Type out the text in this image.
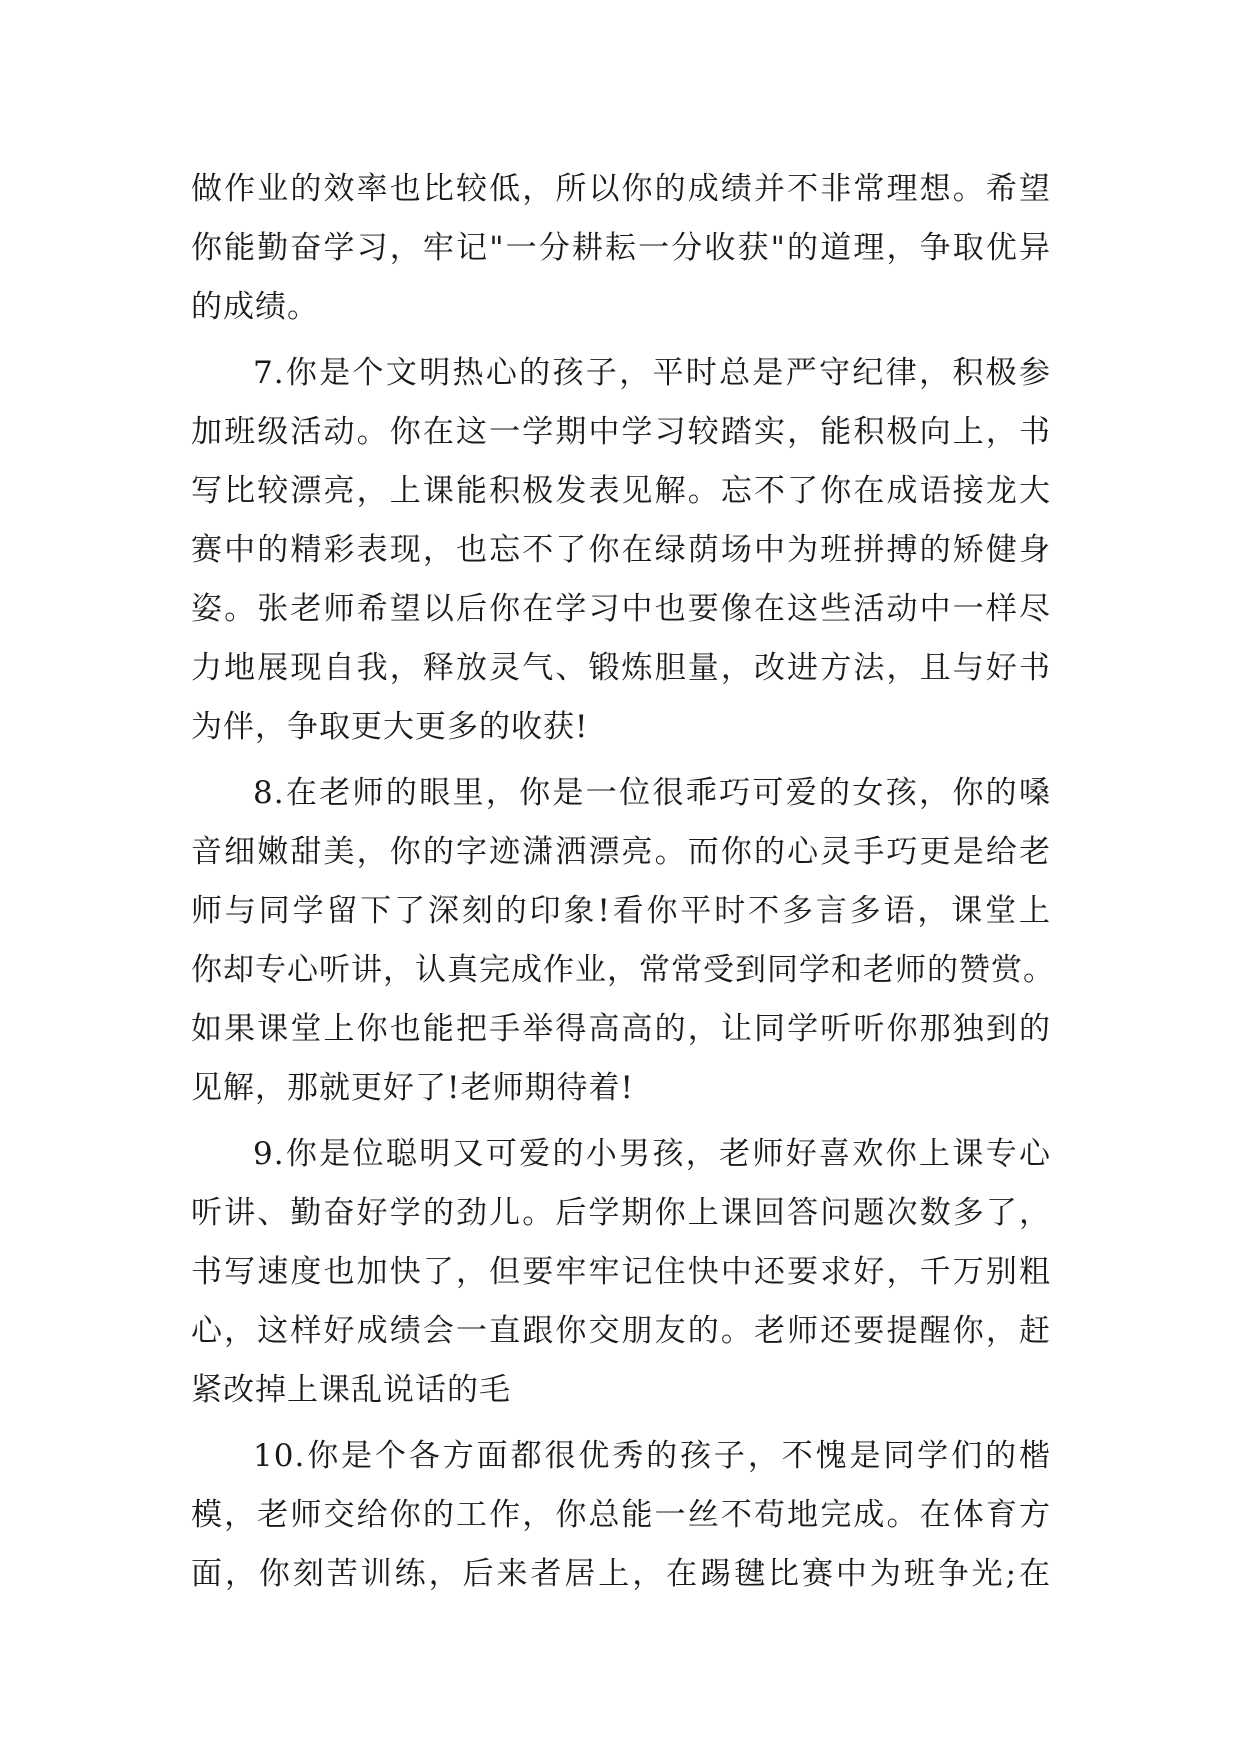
做作业的效率也比较低，所以你的成绩并不非常理想。希望
你能勤奋学习，牢记"一分耕耘一分收获"的道理，争取优异
的成绩。
7.你是个文明热心的孩子，平时总是严守纪律，积极参
加班级活动。你在这一学期中学习较踏实，能积极向上，书
写比较漂亮，上课能积极发表见解。忘不了你在成语接龙大
赛中的精彩表现，也忘不了你在绿荫场中为班拼搏的矫健身
姿。张老师希望以后你在学习中也要像在这些活动中一样尽
力地展现自我，释放灵气、锻炼胆量，改进方法，且与好书
为伴，争取更大更多的收获!
8.在老师的眼里，你是一位很乖巧可爱的女孩，你的嗓
音细嫩甜美，你的字迹潇洒漂亮。而你的心灵手巧更是给老
师与同学留下了深刻的印象!看你平时不多言多语，课堂上
你却专心听讲，认真完成作业，常常受到同学和老师的赞赏。
如果课堂上你也能把手举得高高的，让同学听听你那独到的
见解，那就更好了!老师期待着!
9.你是位聪明又可爱的小男孩，老师好喜欢你上课专心
听讲、勤奋好学的劲儿。后学期你上课回答问题次数多了，
书写速度也加快了，但要牢牢记住快中还要求好，千万别粗
心，这样好成绩会一直跟你交朋友的。老师还要提醒你，赶
紧改掉上课乱说话的毛
10.你是个各方面都很优秀的孩子，不愧是同学们的楷
模，老师交给你的工作，你总能一丝不苟地完成。在体育方
面，你刻苦训练，后来者居上，在踢毽比赛中为班争光;在
